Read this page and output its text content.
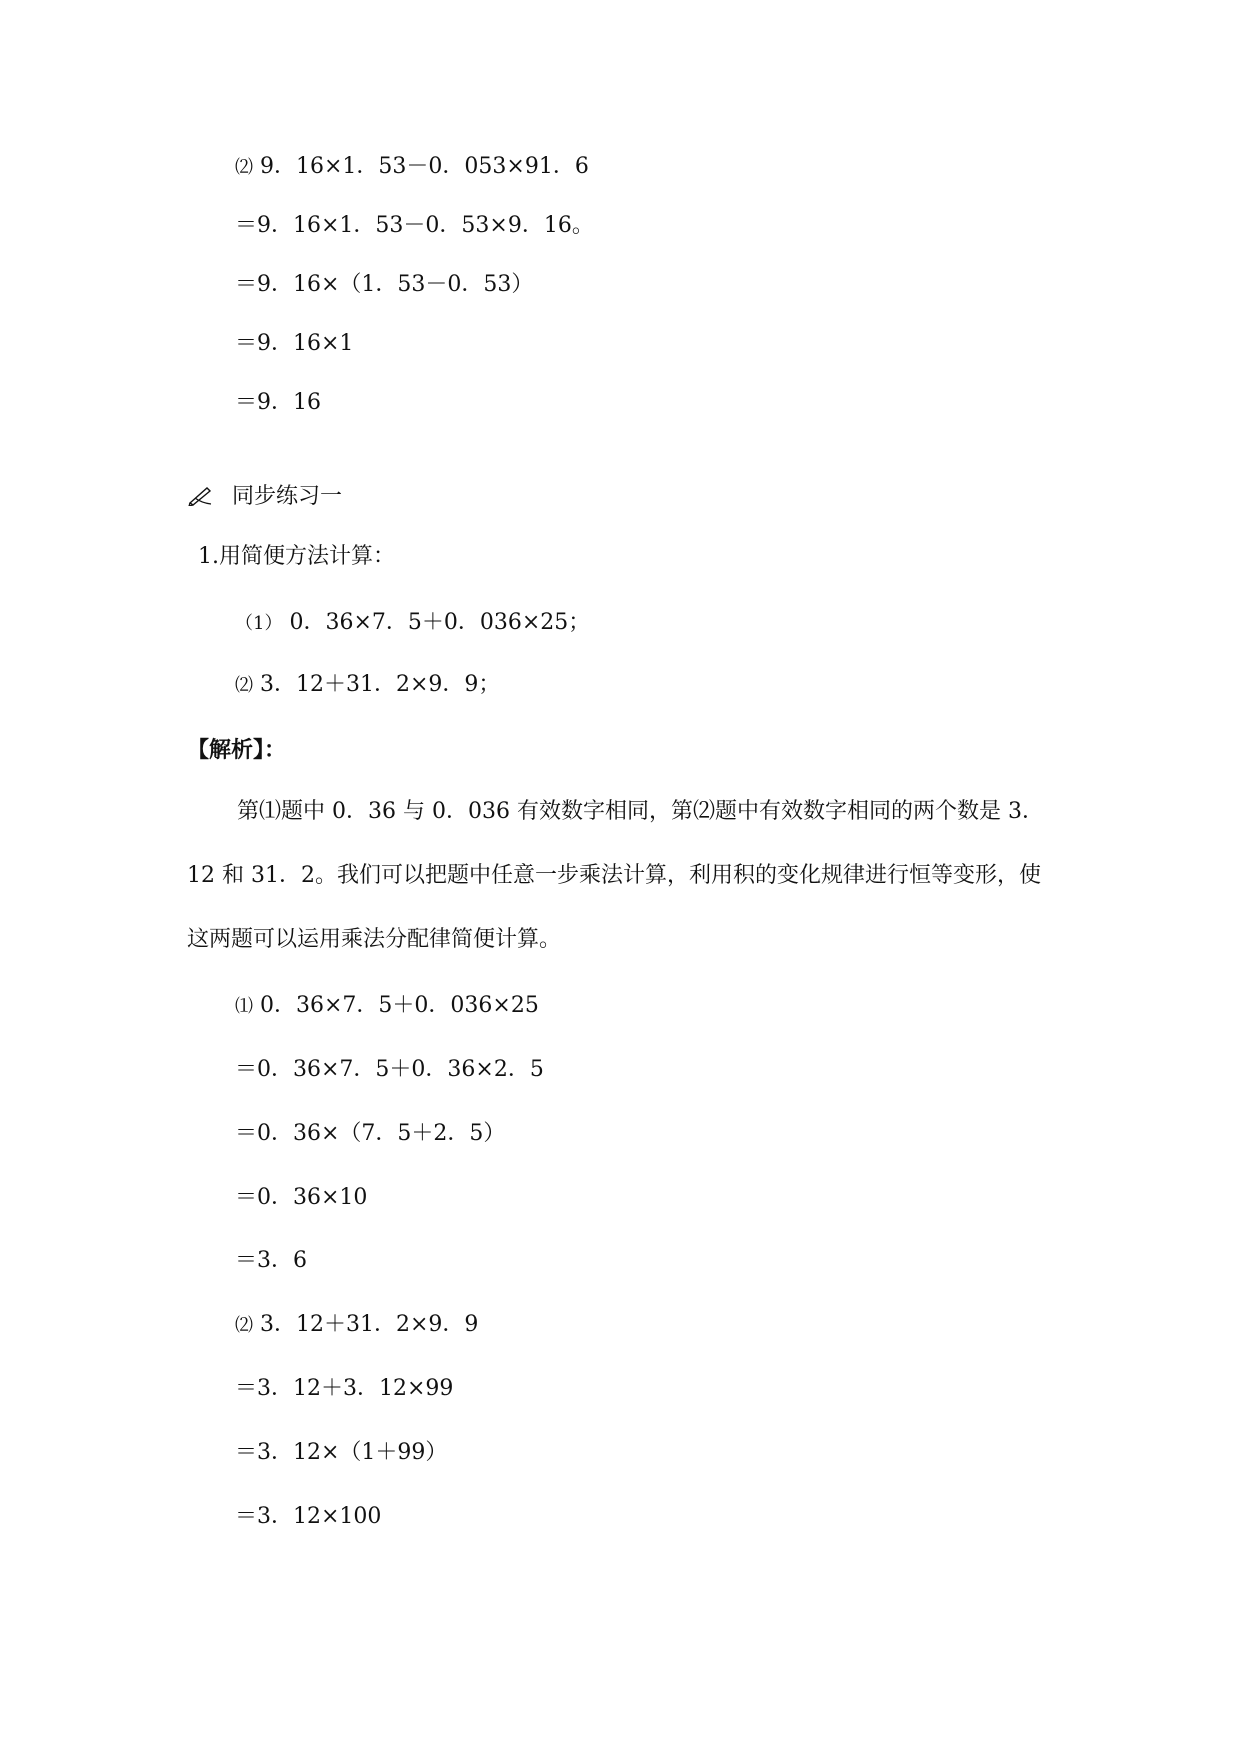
⑵ 9．16×1．53－0．053×91．6
＝9．16×1．53－0．53×9．16。
＝9．16×（1．53－0．53）
＝9．16×1
＝9．16
同步练习一
1.用简便方法计算：
（1） 0．36×7．5＋0．036×25；
⑵ 3．12＋31．2×9．9；
【解析】：
第⑴题中 0．36 与 0．036 有效数字相同，第⑵题中有效数字相同的两个数是 3．12 和 31．2。我们可以把题中任意一步乘法计算，利用积的变化规律进行恒等变形，使这两题可以运用乘法分配律简便计算。
⑴ 0．36×7．5＋0．036×25
＝0．36×7．5＋0．36×2．5
＝0．36×（7．5＋2．5）
＝0．36×10
＝3．6
⑵ 3．12＋31．2×9．9
＝3．12＋3．12×99
＝3．12×（1＋99）
＝3．12×100
